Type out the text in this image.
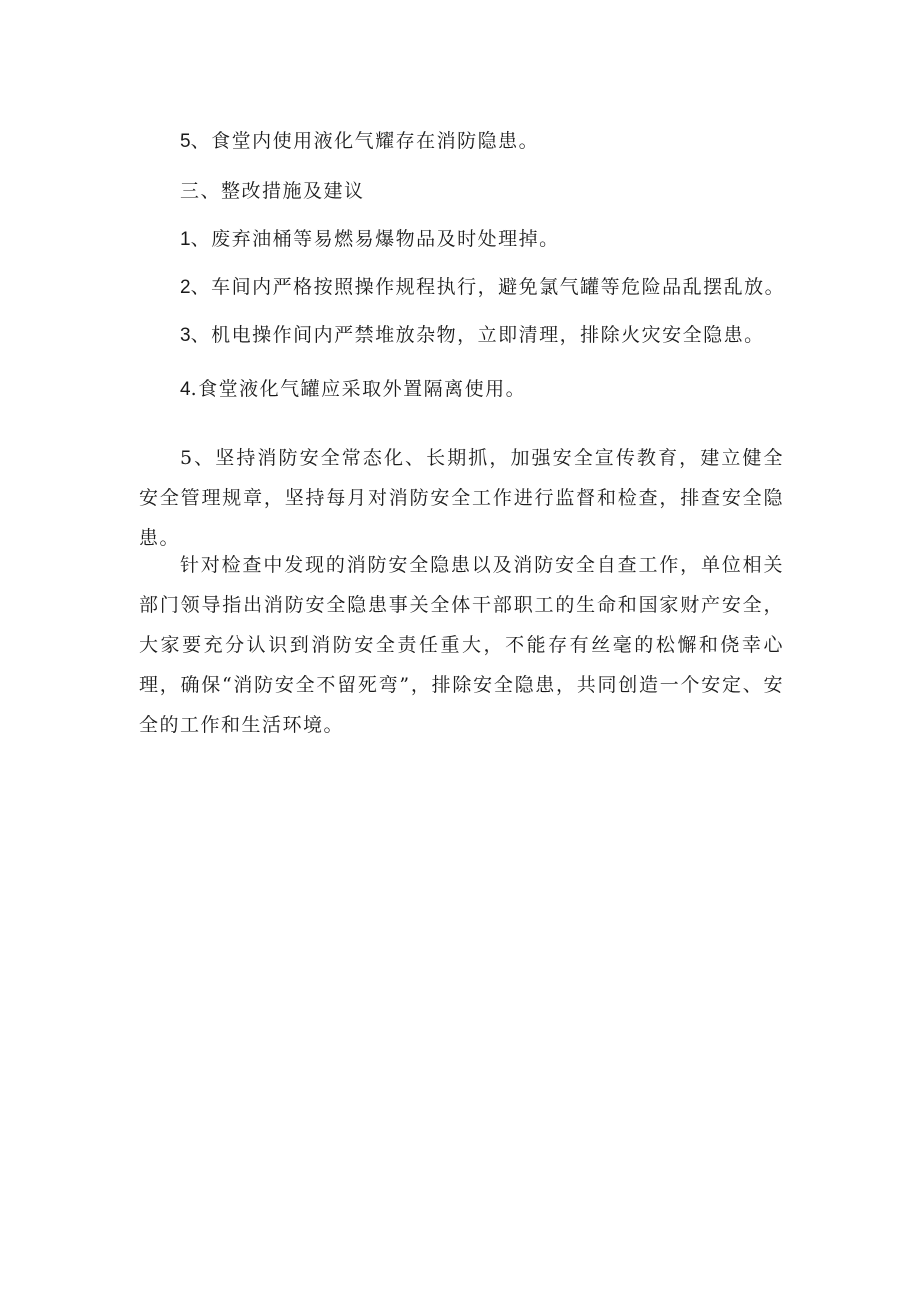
5、食堂内使用液化气耀存在消防隐患。
三、整改措施及建议
1、废弃油桶等易燃易爆物品及时处理掉。
2、车间内严格按照操作规程执行，避免氯气罐等危险品乱摆乱放。
3、机电操作间内严禁堆放杂物，立即清理，排除火灾安全隐患。
4.食堂液化气罐应采取外置隔离使用。

5、坚持消防安全常态化、长期抓，加强安全宣传教育，建立健全安全管理规章，坚持每月对消防安全工作进行监督和检查，排查安全隐患。

针对检查中发现的消防安全隐患以及消防安全自查工作，单位相关部门领导指出消防安全隐患事关全体干部职工的生命和国家财产安全，大家要充分认识到消防安全责任重大，不能存有丝毫的松懈和侥幸心理，确保“消防安全不留死弯”，排除安全隐患，共同创造一个安定、安全的工作和生活环境。
